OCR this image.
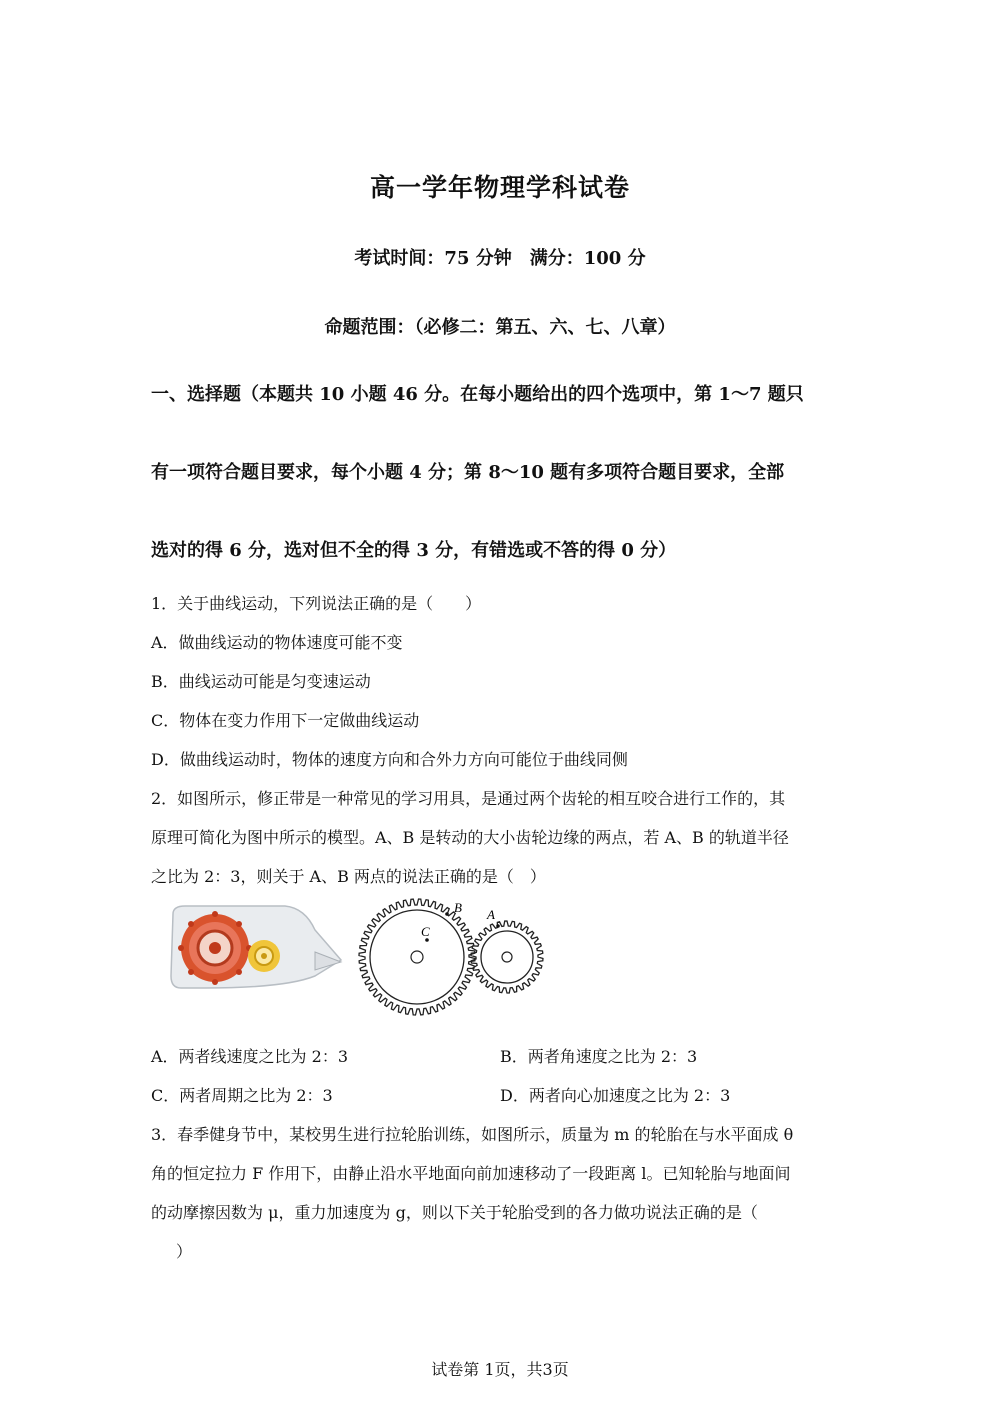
高一学年物理学科试卷
考试时间：75 分钟　满分：100 分
命题范围：（必修二：第五、六、七、八章）
一、选择题（本题共 10 小题 46 分。在每小题给出的四个选项中，第 1～7 题只
有一项符合题目要求，每个小题 4 分；第 8～10 题有多项符合题目要求，全部
选对的得 6 分，选对但不全的得 3 分，有错选或不答的得 0 分）
1．关于曲线运动，下列说法正确的是（　　）
A．做曲线运动的物体速度可能不变
B．曲线运动可能是匀变速运动
C．物体在变力作用下一定做曲线运动
D．做曲线运动时，物体的速度方向和合外力方向可能位于曲线同侧
2．如图所示，修正带是一种常见的学习用具，是通过两个齿轮的相互咬合进行工作的，其
原理可简化为图中所示的模型。A、B 是转动的大小齿轮边缘的两点，若 A、B 的轨道半径
之比为 2：3，则关于 A、B 两点的说法正确的是（　）
C
B A
A．两者线速度之比为 2：3	B．两者角速度之比为 2：3
C．两者周期之比为 2：3	D．两者向心加速度之比为 2：3
3．春季健身节中，某校男生进行拉轮胎训练，如图所示，质量为 m 的轮胎在与水平面成 θ
角的恒定拉力 F 作用下，由静止沿水平地面向前加速移动了一段距离 l。已知轮胎与地面间
的动摩擦因数为 μ，重力加速度为 g，则以下关于轮胎受到的各力做功说法正确的是（
　）
试卷第 1页，共3页
